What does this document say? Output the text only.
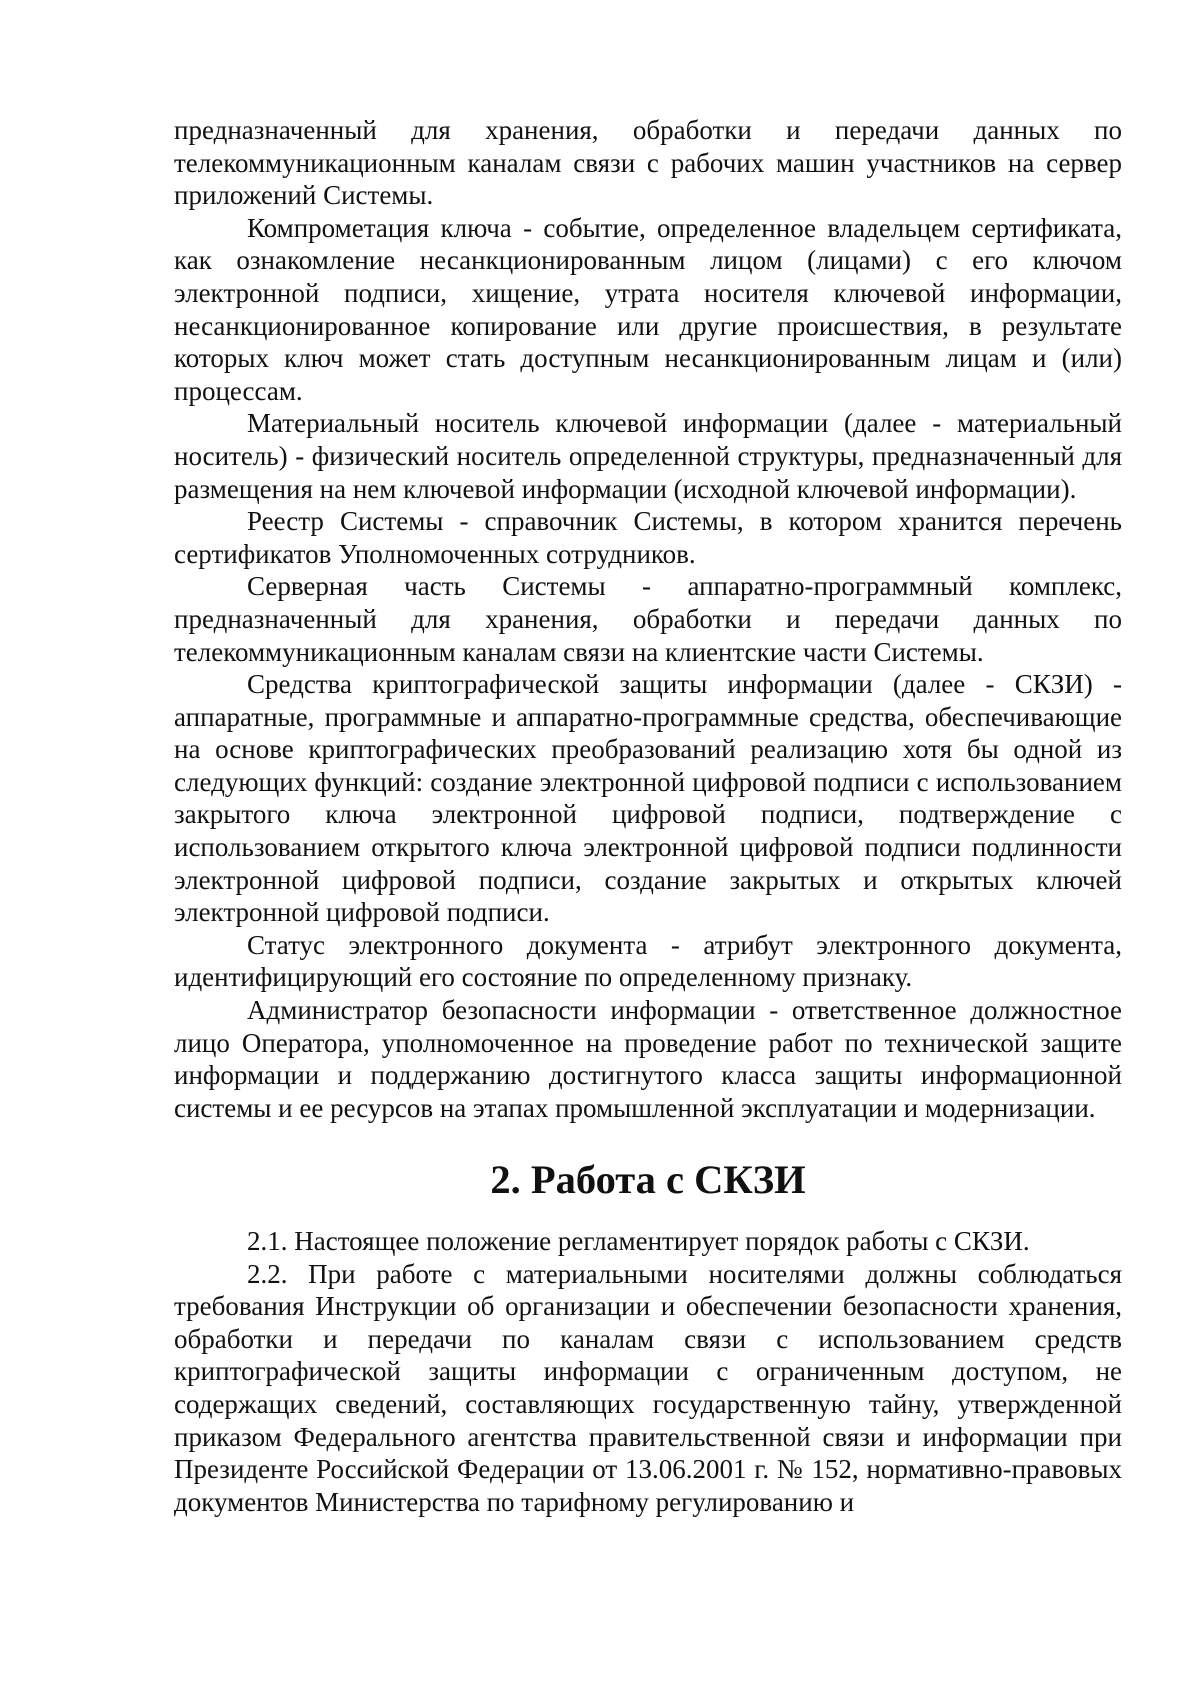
предназначенный для хранения, обработки и передачи данных по телекоммуникационным каналам связи с рабочих машин участников на сервер приложений Системы.

Компрометация ключа - событие, определенное владельцем сертификата, как ознакомление несанкционированным лицом (лицами) с его ключом электронной подписи, хищение, утрата носителя ключевой информации, несанкционированное копирование или другие происшествия, в результате которых ключ может стать доступным несанкционированным лицам и (или) процессам.

Материальный носитель ключевой информации (далее - материальный носитель) - физический носитель определенной структуры, предназначенный для размещения на нем ключевой информации (исходной ключевой информации).

Реестр Системы - справочник Системы, в котором хранится перечень сертификатов Уполномоченных сотрудников.

Серверная часть Системы - аппаратно-программный комплекс, предназначенный для хранения, обработки и передачи данных по телекоммуникационным каналам связи на клиентские части Системы.

Средства криптографической защиты информации (далее - СКЗИ) - аппаратные, программные и аппаратно-программные средства, обеспечивающие на основе криптографических преобразований реализацию хотя бы одной из следующих функций: создание электронной цифровой подписи с использованием закрытого ключа электронной цифровой подписи, подтверждение с использованием открытого ключа электронной цифровой подписи подлинности электронной цифровой подписи, создание закрытых и открытых ключей электронной цифровой подписи.

Статус электронного документа - атрибут электронного документа, идентифицирующий его состояние по определенному признаку.

Администратор безопасности информации - ответственное должностное лицо Оператора, уполномоченное на проведение работ по технической защите информации и поддержанию достигнутого класса защиты информационной системы и ее ресурсов на этапах промышленной эксплуатации и модернизации.

2. Работа с СКЗИ

2.1. Настоящее положение регламентирует порядок работы с СКЗИ.

2.2. При работе с материальными носителями должны соблюдаться требования Инструкции об организации и обеспечении безопасности хранения, обработки и передачи по каналам связи с использованием средств криптографической защиты информации с ограниченным доступом, не содержащих сведений, составляющих государственную тайну, утвержденной приказом Федерального агентства правительственной связи и информации при Президенте Российской Федерации от 13.06.2001 г. № 152, нормативно-правовых документов Министерства по тарифному регулированию и
